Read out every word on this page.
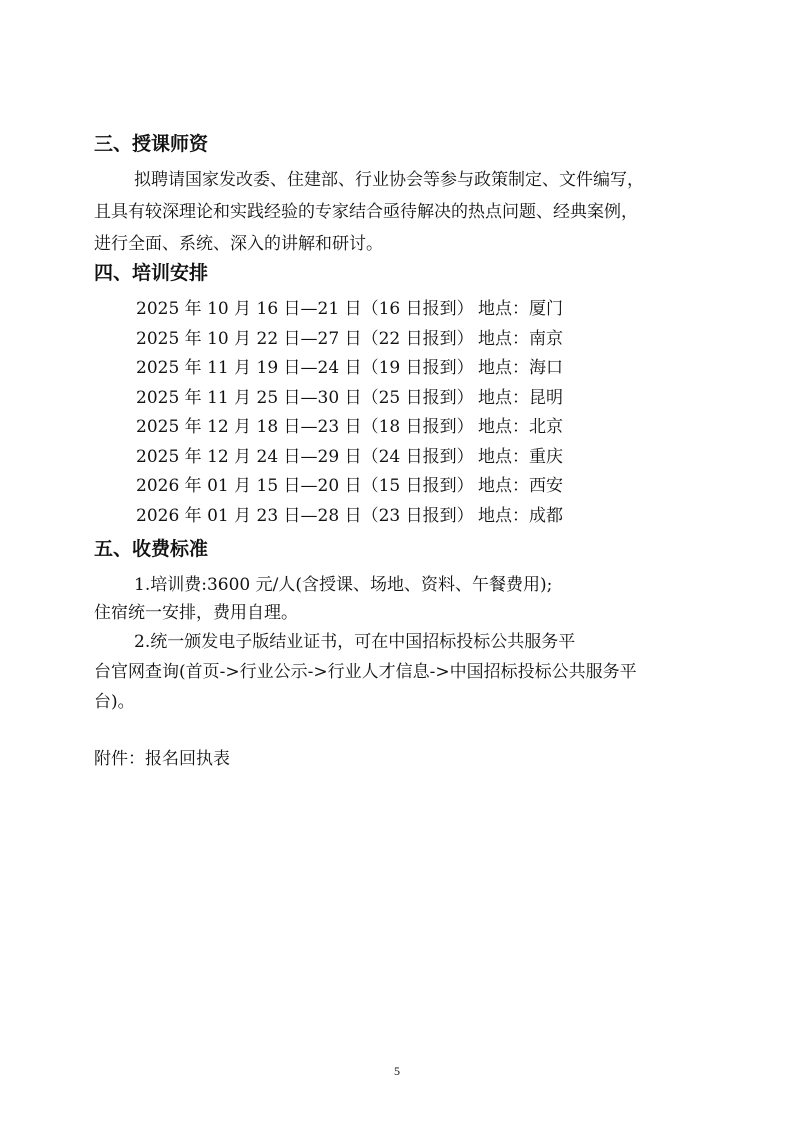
三、授课师资
拟聘请国家发改委、住建部、行业协会等参与政策制定、文件编写，
且具有较深理论和实践经验的专家结合亟待解决的热点问题、经典案例，
进行全面、系统、深入的讲解和研讨。
四、培训安排
2025 年 10 月 16 日—21 日（16 日报到） 地点：厦门
2025 年 10 月 22 日—27 日（22 日报到） 地点：南京
2025 年 11 月 19 日—24 日（19 日报到） 地点：海口
2025 年 11 月 25 日—30 日（25 日报到） 地点：昆明
2025 年 12 月 18 日—23 日（18 日报到） 地点：北京
2025 年 12 月 24 日—29 日（24 日报到） 地点：重庆
2026 年 01 月 15 日—20 日（15 日报到） 地点：西安
2026 年 01 月 23 日—28 日（23 日报到） 地点：成都
五、收费标准
1.培训费:3600 元/人(含授课、场地、资料、午餐费用);
住宿统一安排，费用自理。
2.统一颁发电子版结业证书，可在中国招标投标公共服务平
台官网查询(首页->行业公示->行业人才信息->中国招标投标公共服务平
台)。
附件：报名回执表
5
